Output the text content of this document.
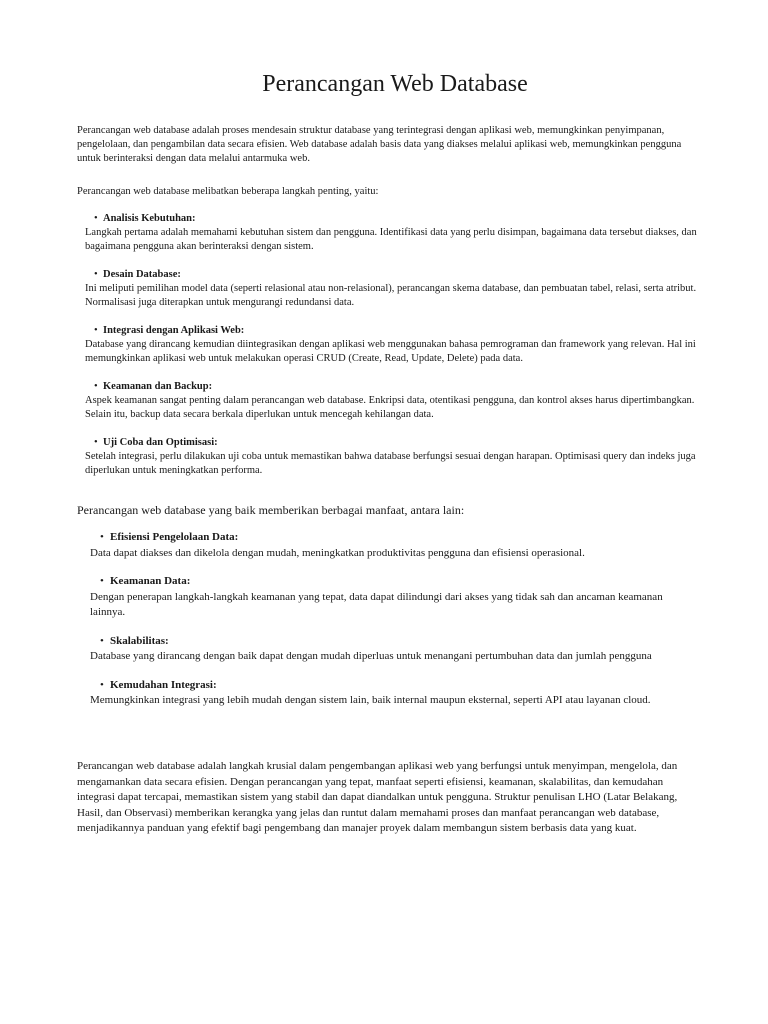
Perancangan Web Database

Perancangan web database adalah proses mendesain struktur database yang terintegrasi dengan aplikasi web, memungkinkan penyimpanan, pengelolaan, dan pengambilan data secara efisien. Web database adalah basis data yang diakses melalui aplikasi web, memungkinkan pengguna untuk berinteraksi dengan data melalui antarmuka web.

Perancangan web database melibatkan beberapa langkah penting, yaitu:

• Analisis Kebutuhan:

Langkah pertama adalah memahami kebutuhan sistem dan pengguna. Identifikasi data yang perlu disimpan, bagaimana data tersebut diakses, dan bagaimana pengguna akan berinteraksi dengan sistem.

• Desain Database:

Ini meliputi pemilihan model data (seperti relasional atau non-relasional), perancangan skema database, dan pembuatan tabel, relasi, serta atribut. Normalisasi juga diterapkan untuk mengurangi redundansi data.

• Integrasi dengan Aplikasi Web:

Database yang dirancang kemudian diintegrasikan dengan aplikasi web menggunakan bahasa pemrograman dan framework yang relevan. Hal ini memungkinkan aplikasi web untuk melakukan operasi CRUD (Create, Read, Update, Delete) pada data.

• Keamanan dan Backup:

Aspek keamanan sangat penting dalam perancangan web database. Enkripsi data, otentikasi pengguna, dan kontrol akses harus dipertimbangkan. Selain itu, backup data secara berkala diperlukan untuk mencegah kehilangan data.

• Uji Coba dan Optimisasi:

Setelah integrasi, perlu dilakukan uji coba untuk memastikan bahwa database berfungsi sesuai dengan harapan. Optimisasi query dan indeks juga diperlukan untuk meningkatkan performa.

Perancangan web database yang baik memberikan berbagai manfaat, antara lain:

• Efisiensi Pengelolaan Data:

Data dapat diakses dan dikelola dengan mudah, meningkatkan produktivitas pengguna dan efisiensi operasional.

• Keamanan Data:

Dengan penerapan langkah-langkah keamanan yang tepat, data dapat dilindungi dari akses yang tidak sah dan ancaman keamanan lainnya.

• Skalabilitas:

Database yang dirancang dengan baik dapat dengan mudah diperluas untuk menangani pertumbuhan data dan jumlah pengguna

• Kemudahan Integrasi:

Memungkinkan integrasi yang lebih mudah dengan sistem lain, baik internal maupun eksternal, seperti API atau layanan cloud.

Perancangan web database adalah langkah krusial dalam pengembangan aplikasi web yang berfungsi untuk menyimpan, mengelola, dan mengamankan data secara efisien. Dengan perancangan yang tepat, manfaat seperti efisiensi, keamanan, skalabilitas, dan kemudahan integrasi dapat tercapai, memastikan sistem yang stabil dan dapat diandalkan untuk pengguna. Struktur penulisan LHO (Latar Belakang, Hasil, dan Observasi) memberikan kerangka yang jelas dan runtut dalam memahami proses dan manfaat perancangan web database, menjadikannya panduan yang efektif bagi pengembang dan manajer proyek dalam membangun sistem berbasis data yang kuat.
